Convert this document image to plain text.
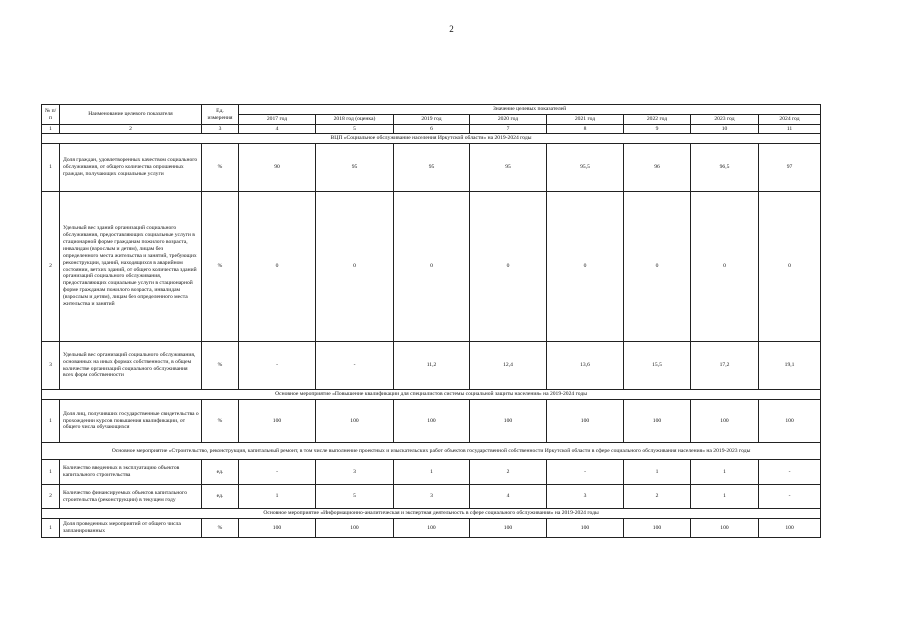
2
№ п/п	Наименование целевого показателя	Ед. измерения	Значение целевых показателей							
			2017 год	2018 год (оценка)	2019 год	2020 год	2021 год	2022 год	2023 год	2024 год
1	2	3	4	5	6	7	8	9	10	11
ВЦП «Социальное обслуживание населения Иркутской области» на 2019-2024 годы										
1	Доля граждан, удовлетворенных качеством социального обслуживания, от общего количества опрошенных граждан, получающих социальные услуги	%	90	95	95	95	95,5	96	96,5	97
2	Удельный вес зданий организаций социального обслуживания, предоставляющих социальные услуги в стационарной форме гражданам пожилого возраста, инвалидам (взрослым и детям), лицам без определенного места жительства и занятий, требующих реконструкции, зданий, находящихся в аварийном состоянии, ветхих зданий, от общего количества зданий организаций социального обслуживания, предоставляющих социальные услуги в стационарной форме гражданам пожилого возраста, инвалидам (взрослым и детям), лицам без определенного места жительства и занятий	%	0	0	0	0	0	0	0	0
3	Удельный вес организаций социального обслуживания, основанных на иных формах собственности, в общем количестве организаций социального обслуживания всех форм собственности	%	-	-	11,2	12,4	13,6	15,5	17,2	19,1
Основное мероприятие «Повышение квалификации для специалистов системы социальной защиты населения» на 2019-2024 годы										
1	Доля лиц, получивших государственные свидетельства о прохождении курсов повышения квалификации, от общего числа обучающихся	%	100	100	100	100	100	100	100	100
Основное мероприятие «Строительство, реконструкция, капитальный ремонт, в том числе выполнение проектных и изыскательских работ объектов государственной собственности Иркутской области в сфере социального обслуживания населения» на 2019-2023 годы										
1	Количество введенных в эксплуатацию объектов капитального строительства	ед.	-	3	1	2	-	1	1	-
2	Количество финансируемых объектов капитального строительства (реконструкции) в текущем году	ед.	1	5	3	4	3	2	1	-
Основное мероприятие «Информационно-аналитическая и экспертная деятельность в сфере социального обслуживания» на 2019-2024 годы										
1	Доля проведенных мероприятий от общего числа запланированных	%	100	100	100	100	100	100	100	100
